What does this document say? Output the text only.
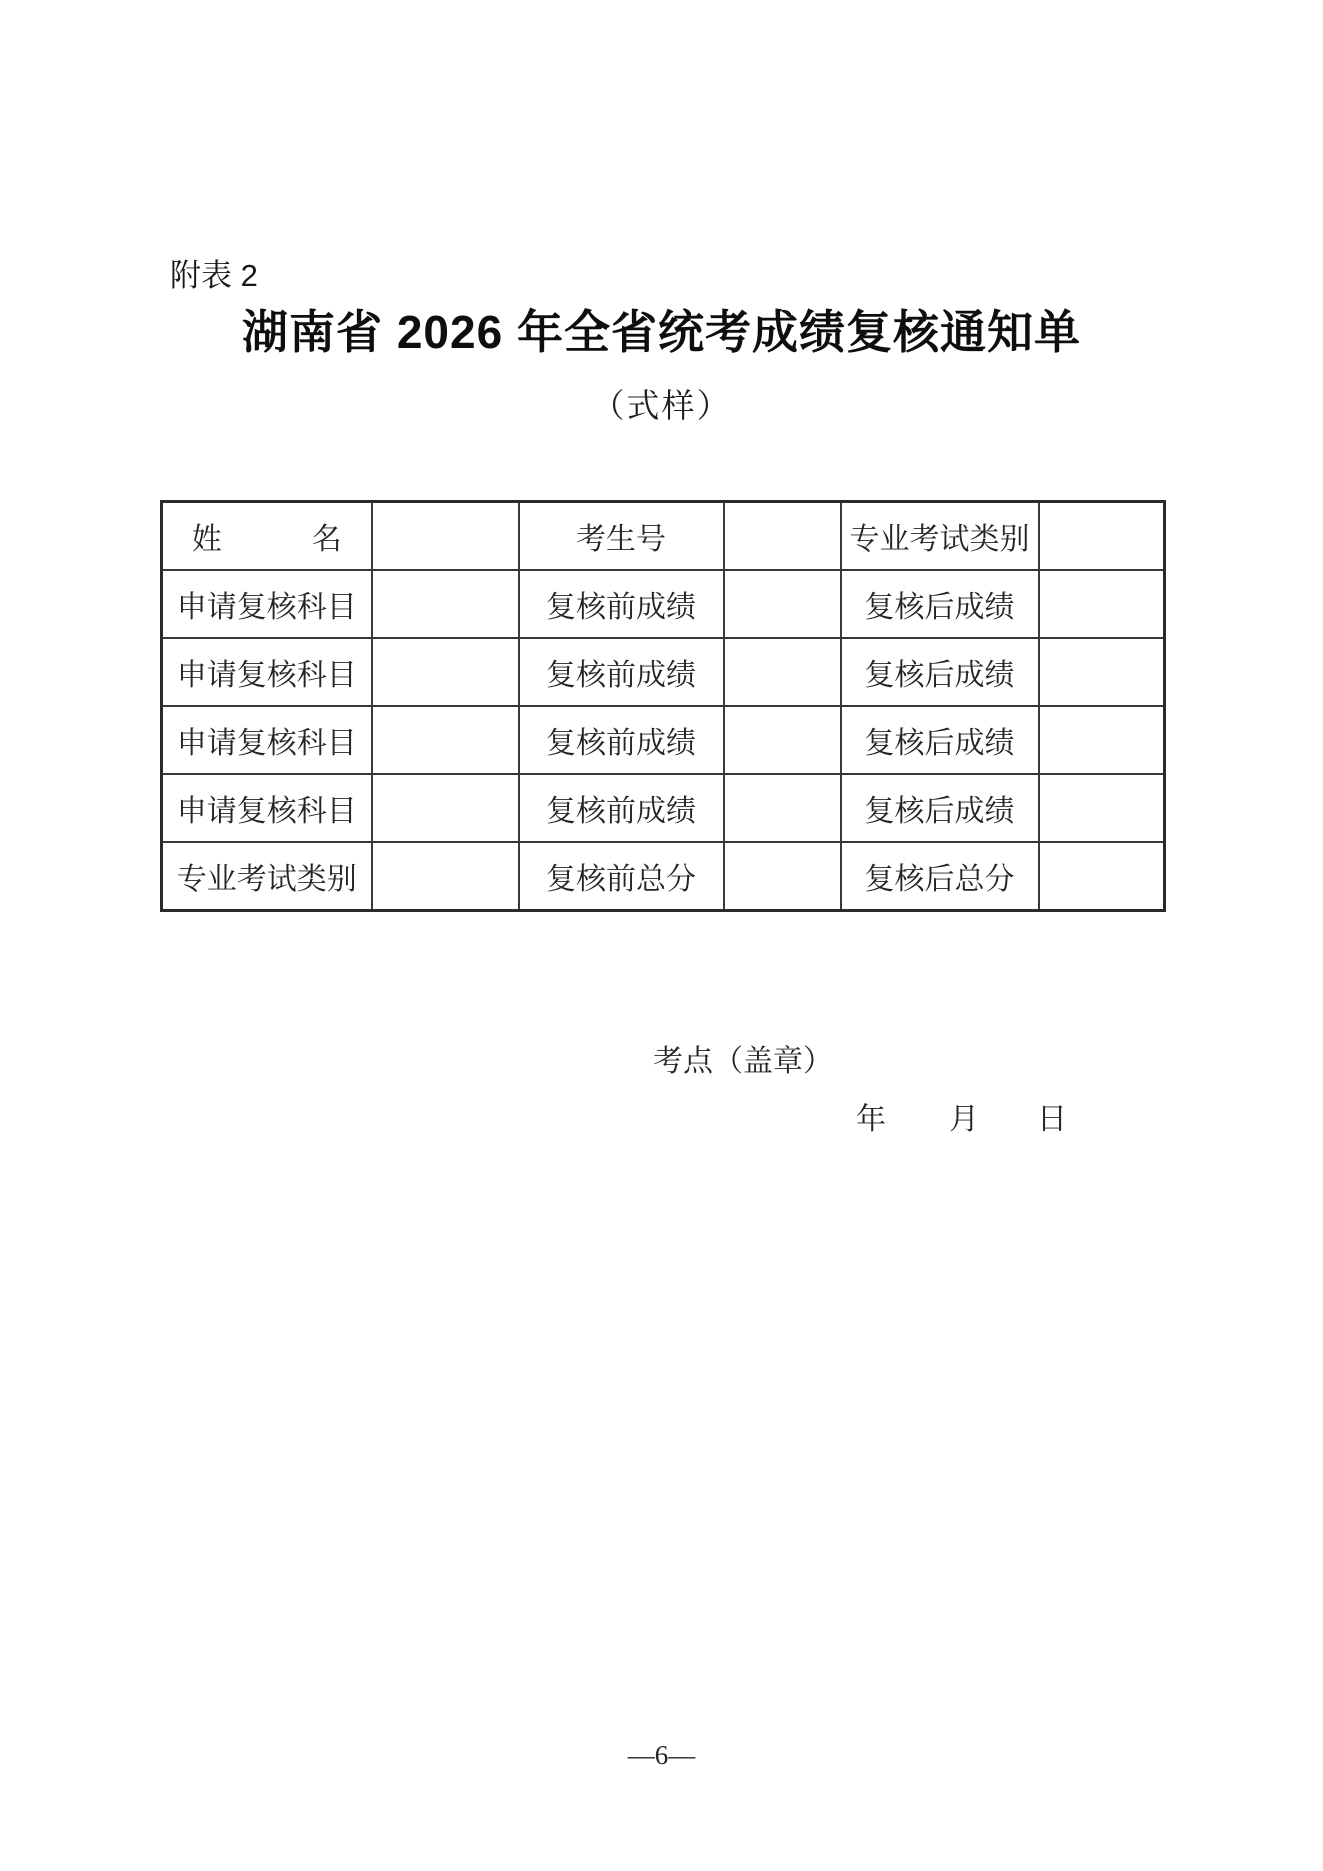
附表 2
湖南省 2026 年全省统考成绩复核通知单
（式样）
姓　　　名		考生号		专业考试类别	
申请复核科目		复核前成绩		复核后成绩	
申请复核科目		复核前成绩		复核后成绩	
申请复核科目		复核前成绩		复核后成绩	
申请复核科目		复核前成绩		复核后成绩	
专业考试类别		复核前总分		复核后总分	
考点（盖章）
年 月 日
—6—
